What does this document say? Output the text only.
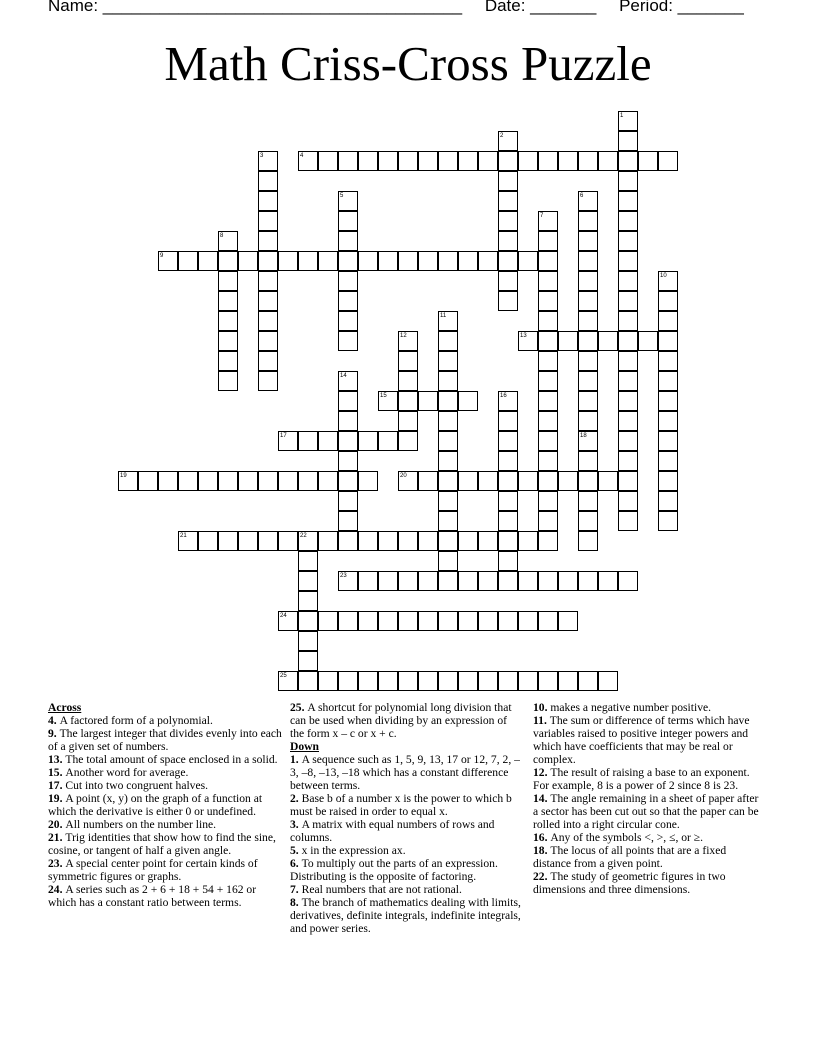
Name: ______________________________________ Date: _______ Period: _______
Math Criss-Cross Puzzle
1
2
3	4
5	6
18
7
8
9
10
11
12	13
14
15	16
17
19	20
21	22
23
24
25

Across

4. A factored form of a polynomial.

9. The largest integer that divides evenly into each of a given set of numbers.

13. The total amount of space enclosed in a solid.

15. Another word for average.

17. Cut into two congruent halves.

19. A point (x, y) on the graph of a function at which the derivative is either 0 or undefined.

20. All numbers on the number line.

21. Trig identities that show how to find the sine, cosine, or tangent of half a given angle.

23. A special center point for certain kinds of symmetric figures or graphs.

24. A series such as 2 + 6 + 18 + 54 + 162 or which has a constant ratio between terms.

25. A shortcut for polynomial long division that can be used when dividing by an expression of the form x – c or x + c.

Down

1. A sequence such as 1, 5, 9, 13, 17 or 12, 7, 2, –3, –8, –13, –18 which has a constant difference between terms.

2. Base b of a number x is the power to which b must be raised in order to equal x.

3. A matrix with equal numbers of rows and columns.

5. x in the expression ax.

6. To multiply out the parts of an expression. Distributing is the opposite of factoring.

7. Real numbers that are not rational.

8. The branch of mathematics dealing with limits, derivatives, definite integrals, indefinite integrals, and power series.

10. makes a negative number positive.

11. The sum or difference of terms which have variables raised to positive integer powers and which have coefficients that may be real or complex.

12. The result of raising a base to an exponent. For example, 8 is a power of 2 since 8 is 23.

14. The angle remaining in a sheet of paper after a sector has been cut out so that the paper can be rolled into a right circular cone.

16. Any of the symbols <, >, ≤, or ≥.

18. The locus of all points that are a fixed distance from a given point.

22. The study of geometric figures in two dimensions and three dimensions.
